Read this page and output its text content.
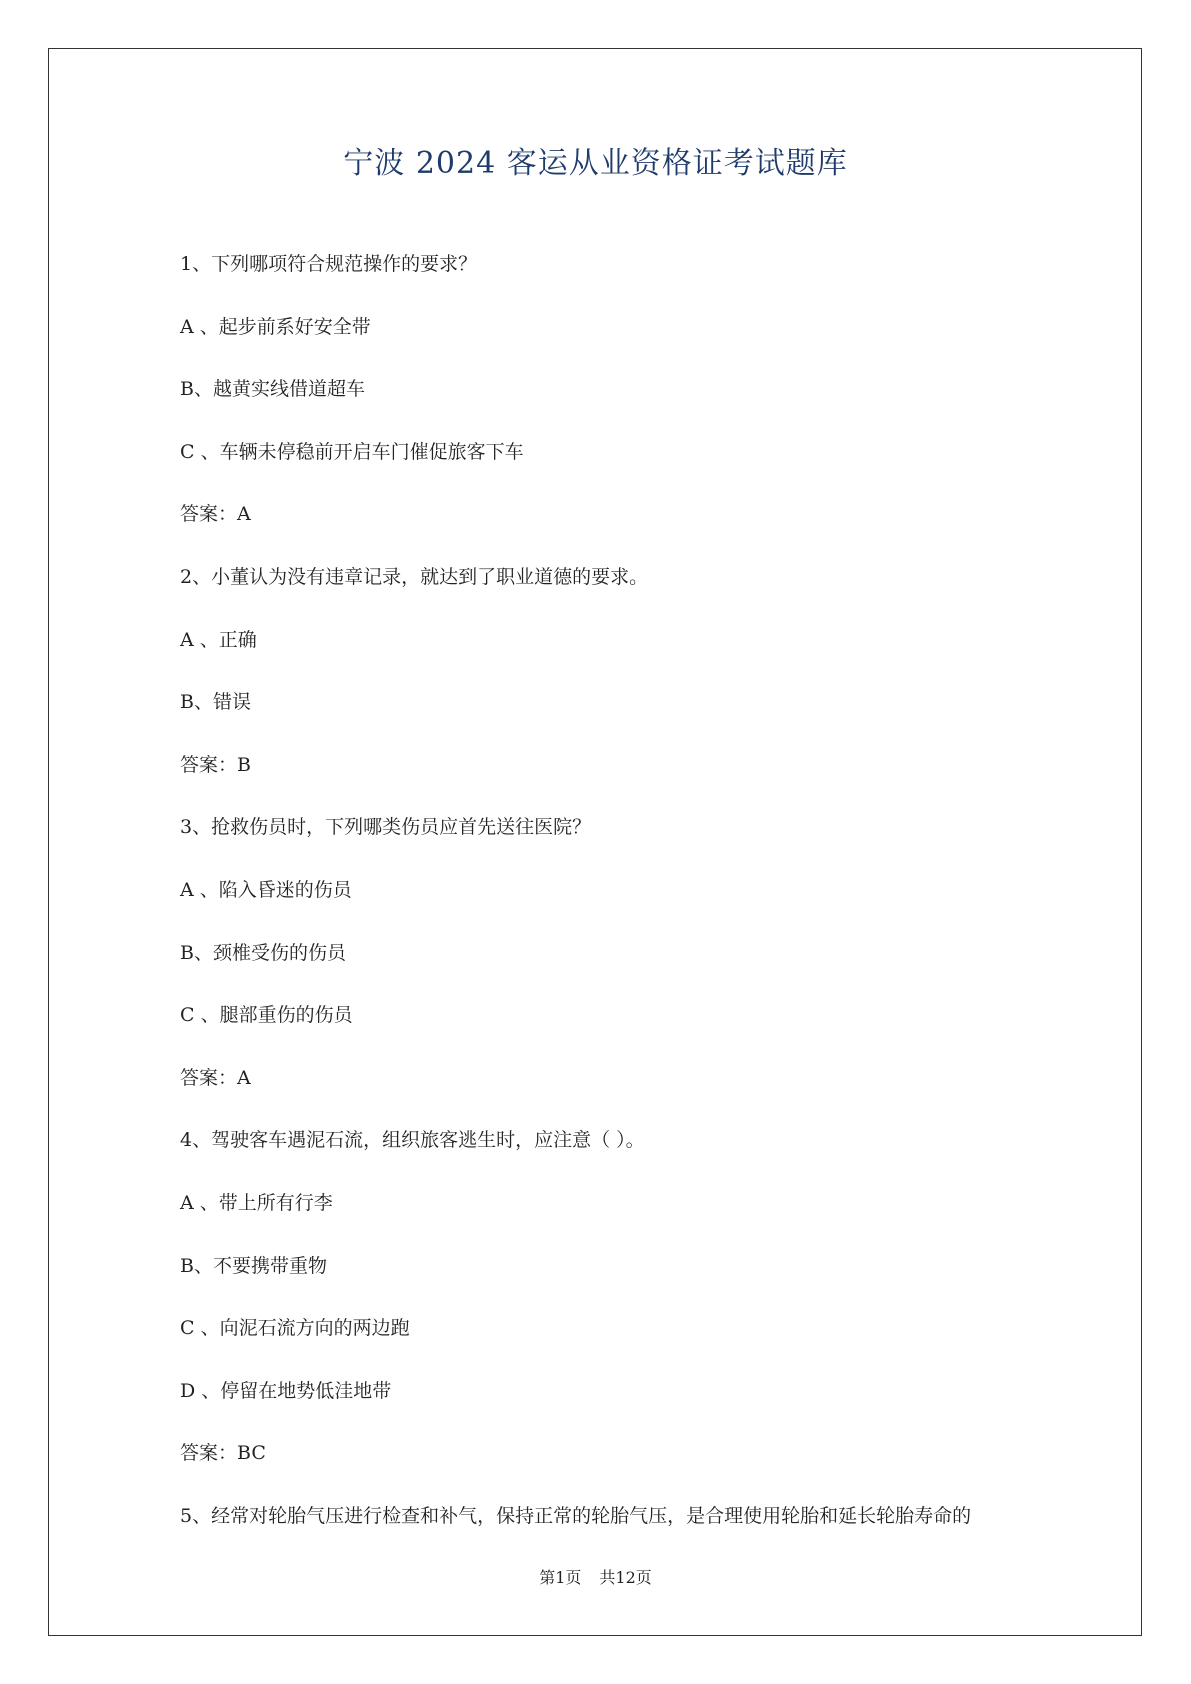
宁波 2024 客运从业资格证考试题库
1、下列哪项符合规范操作的要求？
A 、起步前系好安全带
B、越黄实线借道超车
C 、车辆未停稳前开启车门催促旅客下车
答案：A
2、小董认为没有违章记录，就达到了职业道德的要求。
A 、正确
B、错误
答案：B
3、抢救伤员时，下列哪类伤员应首先送往医院？
A 、陷入昏迷的伤员
B、颈椎受伤的伤员
C 、腿部重伤的伤员
答案：A
4、驾驶客车遇泥石流，组织旅客逃生时，应注意（ ）。
A 、带上所有行李
B、不要携带重物
C 、向泥石流方向的两边跑
D 、停留在地势低洼地带
答案：BC
5、经常对轮胎气压进行检查和补气，保持正常的轮胎气压，是合理使用轮胎和延长轮胎寿命的
第1页 共12页
